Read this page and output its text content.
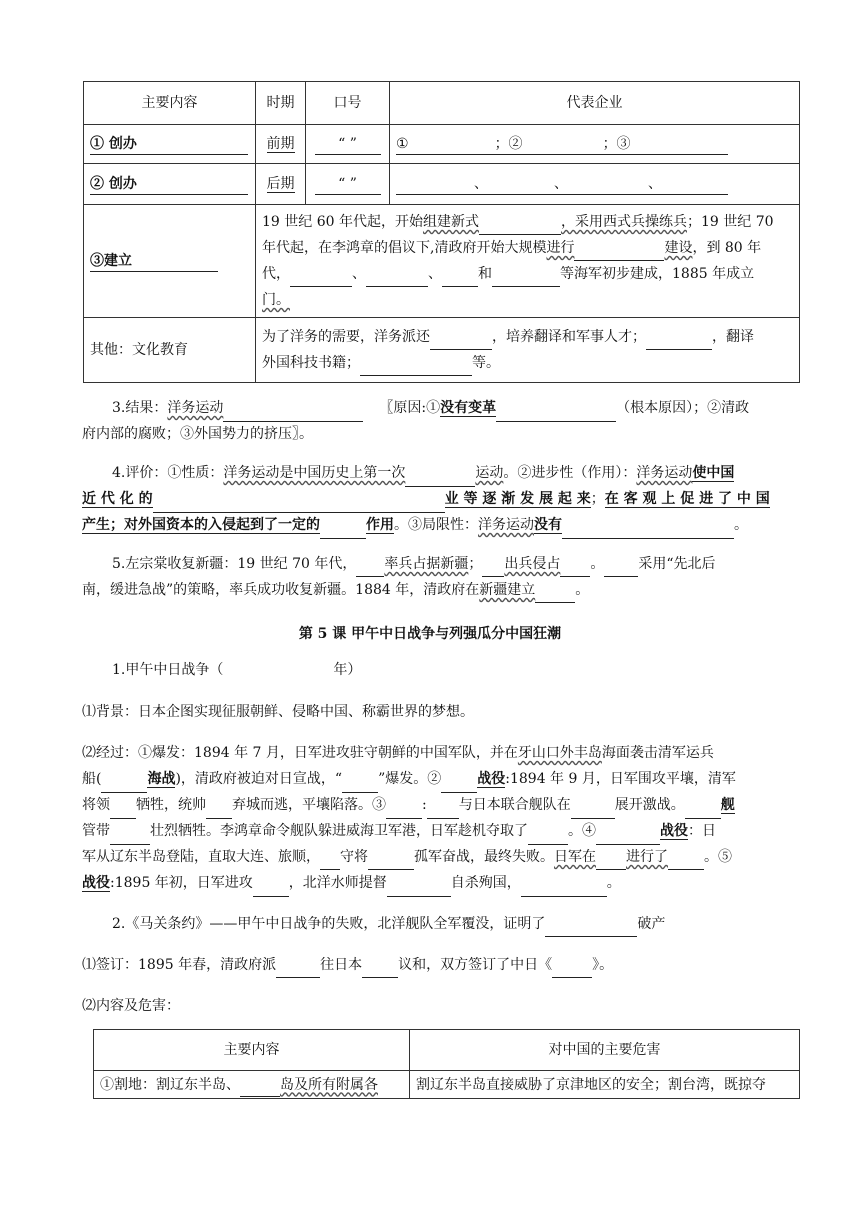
主要内容	时期	口号	代表企业
① 创办	前期	“ ”	① ；② ；③
② 创办	后期	“ ”	、 、 、
③建立	19 世纪 60 年代起，开始组建新式 ，采用西式兵操练兵；19 世纪 70
年代起，在李鸿章的倡议下,清政府开始大规模进行 建设，到 80 年
代， 、 、 和 等海军初步建成，1885 年成立
门。		

其他：文化教育	为了洋务的需要，洋务派还 ，培养翻译和军事人才； ，翻译
外国科技书籍； 等。		
3.结果：洋务运动	〖原因:①没有变革	（根本原因）；②清政
府内部的腐败；③外国势力的挤压〗。
4.评价：①性质：洋务运动是中国历史上第一次	运动。②进步性（作用）：洋务运动使中国
近 代 化 的	业 等 逐 渐 发 展 起 来；在 客 观 上 促 进 了 中 国
产生；对外国资本的入侵起到了一定的	作用。③局限性：洋务运动没有	。
5.左宗棠收复新疆：19 世纪 70 年代， 率兵占据新疆； 出兵侵占 。 采用“先北后
南，缓进急战”的策略，率兵成功收复新疆。1884 年，清政府在新疆建立	。
第 5 课 甲午中日战争与列强瓜分中国狂潮
1.甲午中日战争（	年）
⑴背景：日本企图实现征服朝鲜、侵略中国、称霸世界的梦想。
⑵经过：①爆发：1894 年 7 月，日军进攻驻守朝鲜的中国军队，并在牙山口外丰岛海面袭击清军运兵
船(	海战)，清政府被迫对日宣战，“	”爆发。②	战役:1894 年 9 月，日军围攻平壤，清军
将领 牺牲，统帅 弃城而逃，平壤陷落。③	: 与日本联合舰队在	展开激战。	舰
管带	壮烈牺牲。李鸿章命令舰队躲进威海卫军港，日军趁机夺取了	。④	战役：日
军从辽东半岛登陆，直取大连、旅顺， 守将	孤军奋战，最终失败。日军在 进行了	。⑤
战役:1895 年初，日军进攻	，北洋水师提督	自杀殉国，	。
2.《马关条约》——甲午中日战争的失败，北洋舰队全军覆没，证明了	破产
⑴签订：1895 年春，清政府派	往日本	议和，双方签订了中日《	》。
⑵内容及危害：
主要内容	对中国的主要危害
①割地：割辽东半岛、 岛及所有附属各	割辽东半岛直接威胁了京津地区的安全；割台湾，既掠夺
